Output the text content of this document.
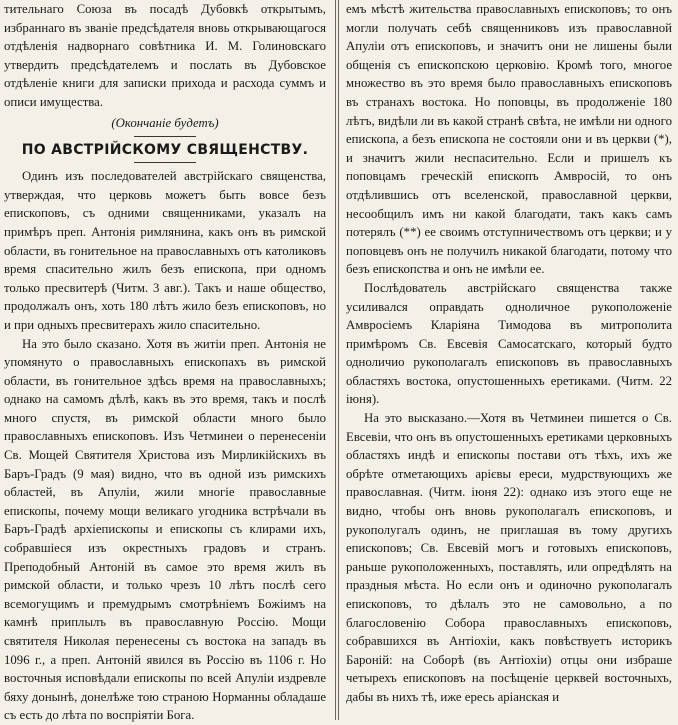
тительнаго Союза въ посадѣ Дубовкѣ открытымъ, избраннаго въ званіе предсѣдателя вновь открывающагося отдѣленія надворнаго совѣтника И. М. Голиновскаго утвердить предсѣдателемъ и послать въ Дубовское отдѣленіе книги для записки прихода и расхода суммъ и описи имущества.

(Окончаніе будетъ)
ПО АВСТРІЙСКОМУ СВЯЩЕНСТВУ.

Одинъ изъ последователей австрійскаго священства, утверждая, что церковь можетъ быть вовсе безъ епископовъ, съ одними священниками, указалъ на примѣръ преп. Антонія римлянина, какъ онъ въ римской области, въ гонительное на православныхъ отъ католиковъ время спасительно жилъ безъ епископа, при одномъ только пресвитерѣ (Читм. 3 авг.). Такъ и наше общество, продолжалъ онъ, хоть 180 лѣтъ жило безъ епископовъ, но и при одныхъ пресвитерахъ жило спасительно.

На это было сказано. Хотя въ житіи преп. Антонія не упомянуто о православныхъ епископахъ въ римской области, въ гонительное здѣсь время на православныхъ; однако на самомъ дѣлѣ, какъ въ это время, такъ и послѣ много спустя, въ римской области много было православныхъ епископовъ. Изъ Четминеи о перенесеніи Св. Мощей Святителя Христова изъ Мирликійскихъ въ Баръ-Градъ (9 мая) видно, что въ одной изъ римскихъ областей, въ Апуліи, жили многіе православные епископы, почему мощи великаго угодника встрѣчали въ Баръ-Градѣ архіепископы и епископы съ клирами ихъ, собравшіеся изъ окрестныхъ градовъ и странъ. Преподобный Антоній въ самое это время жилъ въ римской области, и только чрезъ 10 лѣтъ послѣ сего всемогущимъ и премудрымъ смотрѣніемъ Божіимъ на камнѣ приплылъ въ православную Россію. Мощи святителя Николая перенесены съ востока на западъ въ 1096 г., а преп. Антоній явился въ Россію въ 1106 г. Но восточныя исповѣдали епископы по всей Апуліи издревле бяху донынѣ, донелѣже тою страною Норманны обладаше съ есть до лѣта по воспріятіи Бога.

емъ мѣстѣ жительства православныхъ епископовъ; то онъ могли получать себѣ священниковъ изъ православной Апуліи отъ епископовъ, и значитъ они не лишены были общенія съ епископскою церковію. Кромѣ того, многое множество въ это время было православныхъ епископовъ въ странахъ востока. Но поповцы, въ продолженіе 180 лѣтъ, видѣли ли въ какой странѣ свѣта, не имѣли ни одного епископа, а безъ епископа не состояли они и въ церкви (*), и значитъ жили неспасительно. Если и пришелъ къ поповцамъ греческій епископъ Амвросій, то онъ отдѣлившись отъ вселенской, православной церкви, несообщилъ имъ ни какой благодати, такъ какъ самъ потерялъ (**) ее своимъ отступничествомъ отъ церкви; и у поповцевъ онъ не получилъ никакой благодати, потому что безъ епископства и онъ не имѣли ее.

Послѣдователь австрійскаго священства также усиливался оправдать одноличное рукоположеніе Амвросіемъ Кларіяна Тимодова въ митрополита примѣромъ Св. Евсевія Самосатскаго, который будто одноличио рукополагалъ епископовъ въ православныхъ областяхъ востока, опустошенныхъ еретиками. (Читм. 22 іюня).

На это высказано.—Хотя въ Четминеи пишется о Св. Евсевіи, что онъ въ опустошенныхъ еретиками церковныхъ областяхъ индѣ и епископы постави отъ тѣхъ, ихъ же обрѣте отметающихъ арієвы ереси, мудрствующихъ же православная. (Читм. іюня 22): однако изъ этого еще не видно, чтобы онъ вновь рукополагалъ епископовъ, и рукополугалъ одинъ, не приглашая въ тому другихъ епископовъ; Св. Евсевій могъ и готовыхъ епископовъ, раньше рукоположенныхъ, поставлять, или опредѣлять на праздныя мѣста. Но если онъ и одиночно рукополагалъ епископовъ, то дѣлалъ это не самовольно, а по благословенію Собора православныхъ епископовъ, собравшихся въ Антіохіи, какъ повѣствуетъ историкъ Бароній: на Соборѣ (въ Антіохіи) отцы они избраше четырехъ епископовъ на посѣщеніе церквей восточныхъ, дабы въ нихъ тѣ, иже ересь аріанская и
